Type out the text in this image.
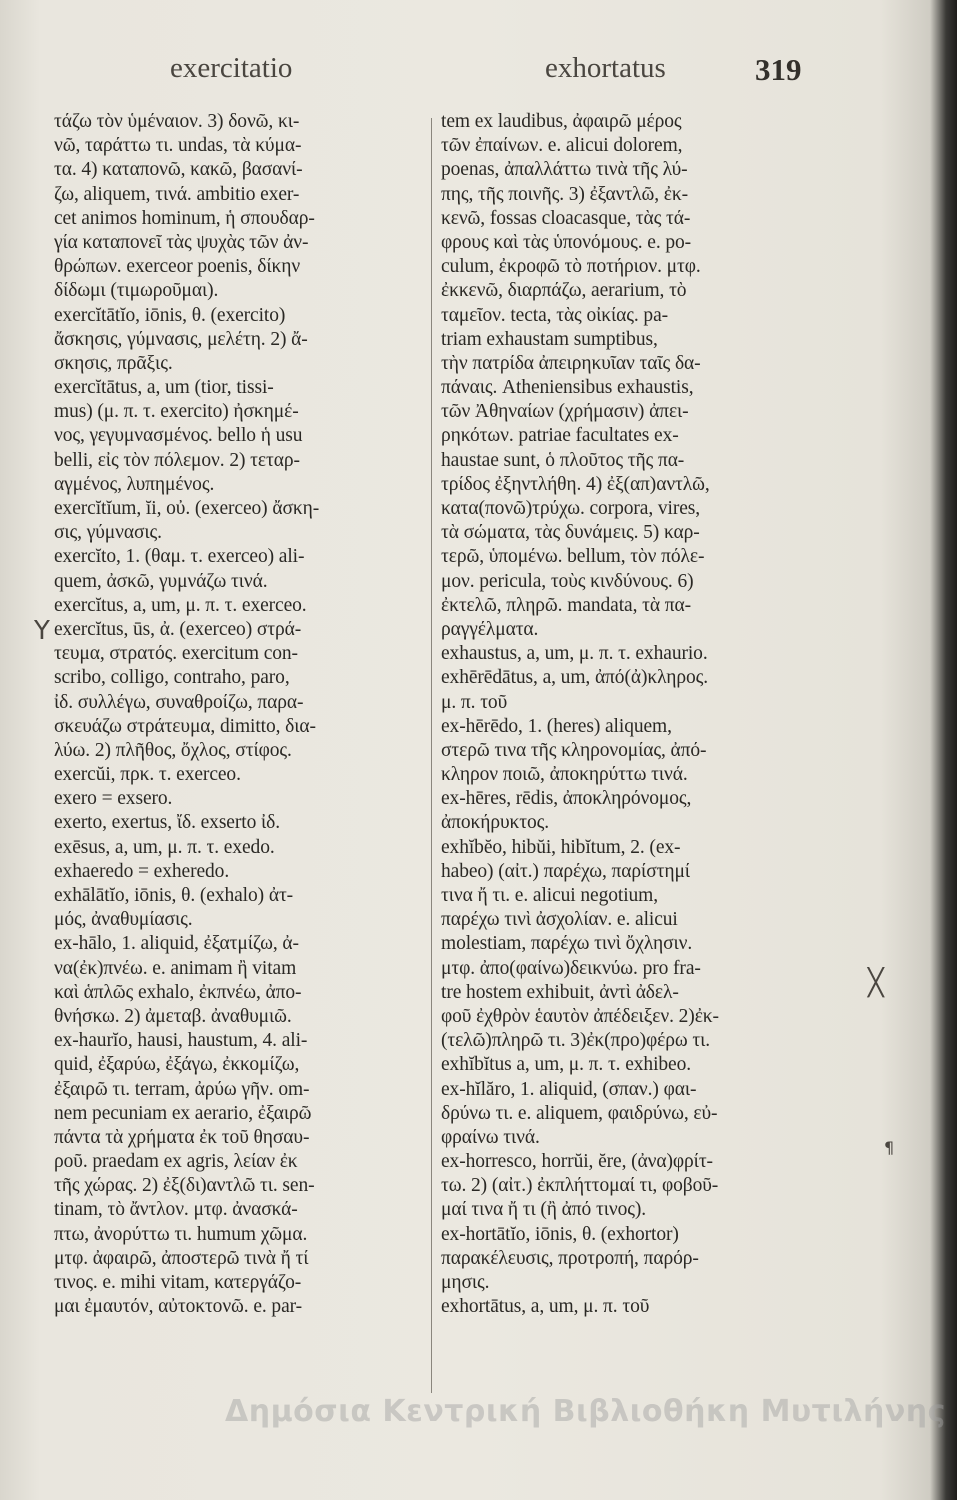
exercitatio	exhortatus	319
τάζω τὸν ὑμέναιον. 3) δονῶ, κι-
νῶ, ταράττω τι. undas, τὰ κύμα-
τα. 4) καταπονῶ, κακῶ, βασανί-
ζω, aliquem, τινά. ambitio exer-
cet animos hominum, ἡ σπουδαρ-
γία καταπονεῖ τὰς ψυχὰς τῶν ἀν-
θρώπων. exerceor poenis, δίκην
δίδωμι (τιμωροῦμαι).
exercĭtātĭo, iōnis, θ. (exercito)
ἄσκησις, γύμνασις, μελέτη. 2) ἄ-
σκησις, πρᾶξις.
exercĭtātus, a, um (tior, tissi-
mus) (μ. π. τ. exercito) ἠσκημέ-
νος, γεγυμνασμένος. bello ἡ usu
belli, εἰς τὸν πόλεμον. 2) τεταρ-
αγμένος, λυπημένος.
exercĭtĭum, ĭi, οὐ. (exerceo) ἄσκη-
σις, γύμνασις.
exercĭto, 1. (θαμ. τ. exerceo) ali-
quem, ἀσκῶ, γυμνάζω τινά.
exercĭtus, a, um, μ. π. τ. exerceo.
exercĭtus, ūs, ἀ. (exerceo) στρά-
τευμα, στρατός. exercitum con-
scribo, colligo, contraho, paro,
ἰδ. συλλέγω, συναθροίζω, παρα-
σκευάζω στράτευμα, dimitto, δια-
λύω. 2) πλῆθος, ὄχλος, στίφος.
exercŭi, πρκ. τ. exerceo.
exero = exsero.
exerto, exertus, ἴδ. exserto ἰδ.
exēsus, a, um, μ. π. τ. exedo.
exhaeredo = exheredo.
exhālātĭo, iōnis, θ. (exhalo) ἀτ-
μός, ἀναθυμίασις.
ex-hālo, 1. aliquid, ἐξατμίζω, ἀ-
να(ἐκ)πνέω. e. animam ἢ vitam
καὶ ἁπλῶς exhalo, ἐκπνέω, ἀπο-
θνήσκω. 2) ἀμεταβ. ἀναθυμιῶ.
ex-haurĭo, hausi, haustum, 4. ali-
quid, ἐξαρύω, ἐξάγω, ἐκκομίζω,
ἐξαιρῶ τι. terram, ἀρύω γῆν. om-
nem pecuniam ex aerario, ἐξαιρῶ
πάντα τὰ χρήματα ἐκ τοῦ θησαυ-
ροῦ. praedam ex agris, λείαν ἐκ
τῆς χώρας. 2) ἐξ(δι)αντλῶ τι. sen-
tinam, τὸ ἄντλον. μτφ. ἀνασκά-
πτω, ἀνορύττω τι. humum χῶμα.
μτφ. ἀφαιρῶ, ἀποστερῶ τινὰ ἤ τί
τινος. e. mihi vitam, κατεργάζο-
μαι ἐμαυτόν, αὐτοκτονῶ. e. par-
tem ex laudibus, ἀφαιρῶ μέρος
τῶν ἐπαίνων. e. alicui dolorem,
poenas, ἀπαλλάττω τινὰ τῆς λύ-
πης, τῆς ποινῆς. 3) ἐξαντλῶ, ἐκ-
κενῶ, fossas cloacasque, τὰς τά-
φρους καὶ τὰς ὑπονόμους. e. po-
culum, ἐκροφῶ τὸ ποτήριον. μτφ.
ἐκκενῶ, διαρπάζω, aerarium, τὸ
ταμεῖον. tecta, τὰς οἰκίας. pa-
triam exhaustam sumptibus,
τὴν πατρίδα ἀπειρηκυῖαν ταῖς δα-
πάναις. Atheniensibus exhaustis,
τῶν Ἀθηναίων (χρήμασιν) ἀπει-
ρηκότων. patriae facultates ex-
haustae sunt, ὁ πλοῦτος τῆς πα-
τρίδος ἐξηντλήθη. 4) ἐξ(απ)αντλῶ,
κατα(πονῶ)τρύχω. corpora, vires,
τὰ σώματα, τὰς δυνάμεις. 5) καρ-
τερῶ, ὑπομένω. bellum, τὸν πόλε-
μον. pericula, τοὺς κινδύνους. 6)
ἐκτελῶ, πληρῶ. mandata, τὰ πα-
ραγγέλματα.
exhaustus, a, um, μ. π. τ. exhaurio.
exhērēdātus, a, um, ἀπό(ἀ)κληρος.
μ. π. τοῦ
ex-hērēdo, 1. (heres) aliquem,
στερῶ τινα τῆς κληρονομίας, ἀπό-
κληρον ποιῶ, ἀποκηρύττω τινά.
ex-hēres, rēdis, ἀποκληρόνομος,
ἀποκήρυκτος.
exhĭbĕo, hibŭi, hibĭtum, 2. (ex-
habeo) (αἰτ.) παρέχω, παρίστημί
τινα ἤ τι. e. alicui negotium,
παρέχω τινὶ ἀσχολίαν. e. alicui
molestiam, παρέχω τινὶ ὄχλησιν.
μτφ. ἀπο(φαίνω)δεικνύω. pro fra-
tre hostem exhibuit, ἀντὶ ἀδελ-
φοῦ ἐχθρὸν ἑαυτὸν ἀπέδειξεν. 2)ἐκ-
(τελῶ)πληρῶ τι. 3)ἐκ(προ)φέρω τι.
exhĭbĭtus a, um, μ. π. τ. exhibeo.
ex-hĭlăro, 1. aliquid, (σπαν.) φαι-
δρύνω τι. e. aliquem, φαιδρύνω, εὐ-
φραίνω τινά.
ex-horresco, horrŭi, ĕre, (ἀνα)φρίτ-
τω. 2) (αἰτ.) ἐκπλήττομαί τι, φοβοῦ-
μαί τινα ἤ τι (ἢ ἀπό τινος).
ex-hortātĭo, iōnis, θ. (exhortor)
παρακέλευσις, προτροπή, παρόρ-
μησις.
exhortātus, a, um, μ. π. τοῦ
Y
╳
¶
Δημόσια Κεντρική Βιβλιοθήκη Μυτιλήνης
